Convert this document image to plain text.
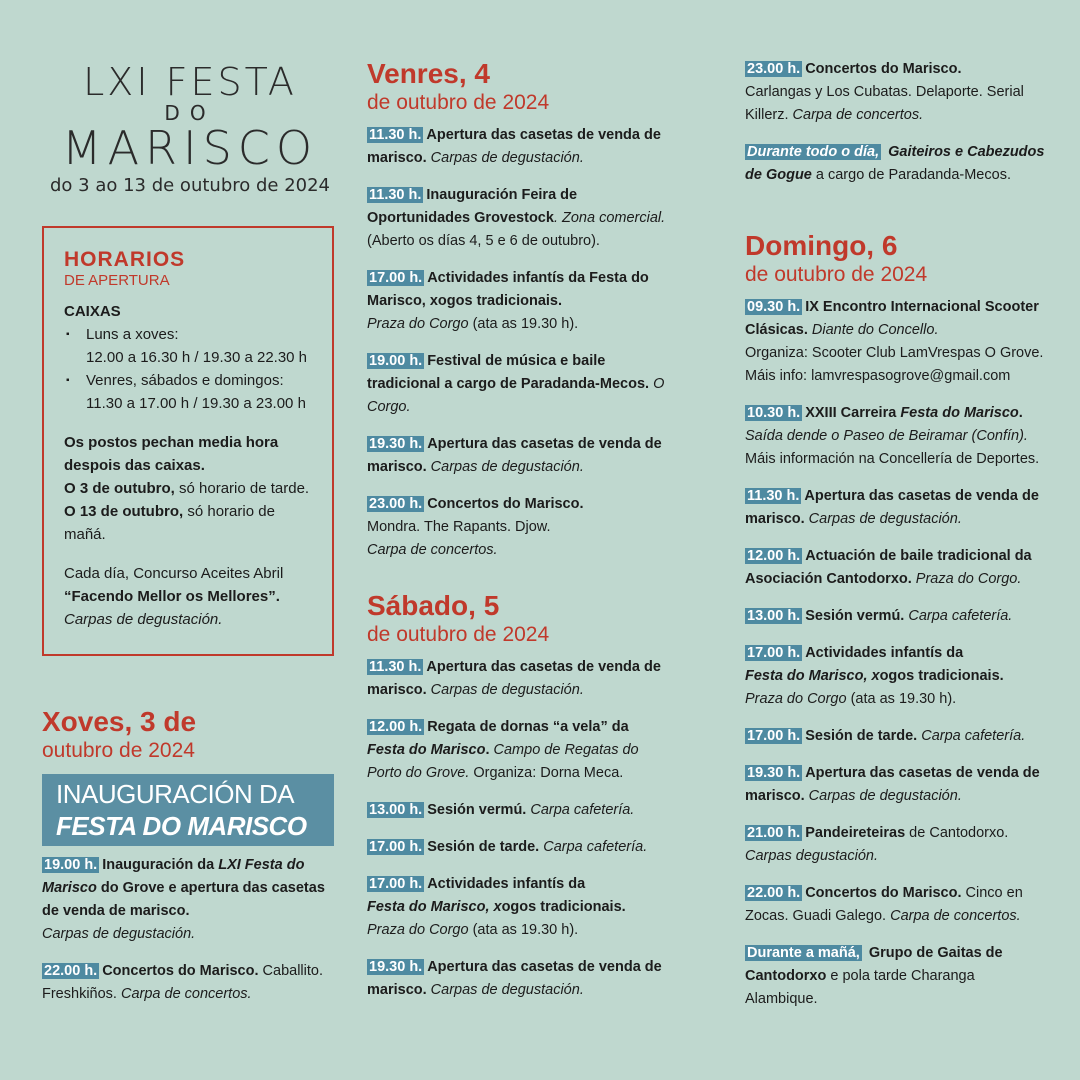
LXI FESTA
DO
MARISCO
do 3 ao 13 de outubro de 2024
HORARIOS
DE APERTURA
CAIXAS
▪ Luns a xoves:
12.00 a 16.30 h / 19.30 a 22.30 h
▪ Venres, sábados e domingos:
11.30 a 17.00 h / 19.30 a 23.00 h
Os postos pechan media hora
despois das caixas.
O 3 de outubro, só horario de tarde.
O 13 de outubro, só horario de mañá.
Cada día, Concurso Aceites Abril
“Facendo Mellor os Mellores”.
Carpas de degustación.
Xoves, 3 de
outubro de 2024
INAUGURACIÓN DA
FESTA DO MARISCO
19.00 h. Inauguración da LXI Festa do Marisco do Grove e apertura das casetas de venda de marisco.
Carpas de degustación.
22.00 h. Concertos do Marisco. Caballito. Freshkiños. Carpa de concertos.
Venres, 4
de outubro de 2024
11.30 h. Apertura das casetas de venda de marisco. Carpas de degustación.
11.30 h. Inauguración Feira de Oportunidades Grovestock. Zona comercial.
(Aberto os días 4, 5 e 6 de outubro).
17.00 h. Actividades infantís da Festa do Marisco, xogos tradicionais.
Praza do Corgo (ata as 19.30 h).
19.00 h. Festival de música e baile tradicional a cargo de Paradanda-Mecos. O Corgo.
19.30 h. Apertura das casetas de venda de marisco. Carpas de degustación.
23.00 h. Concertos do Marisco.
Mondra. The Rapants. Djow.
Carpa de concertos.
Sábado, 5
de outubro de 2024
11.30 h. Apertura das casetas de venda de marisco. Carpas de degustación.
12.00 h. Regata de dornas “a vela” da Festa do Marisco. Campo de Regatas do Porto do Grove. Organiza: Dorna Meca.
13.00 h. Sesión vermú. Carpa cafetería.
17.00 h. Sesión de tarde. Carpa cafetería.
17.00 h. Actividades infantís da
Festa do Marisco, xogos tradicionais.
Praza do Corgo (ata as 19.30 h).
19.30 h. Apertura das casetas de venda de marisco. Carpas de degustación.
23.00 h. Concertos do Marisco.
Carlangas y Los Cubatas. Delaporte. Serial Killerz. Carpa de concertos.
Durante todo o día, Gaiteiros e Cabezudos
de Gogue a cargo de Paradanda-Mecos.
Domingo, 6
de outubro de 2024
09.30 h. IX Encontro Internacional Scooter Clásicas. Diante do Concello.
Organiza: Scooter Club LamVrespas O Grove.
Máis info: lamvrespasogrove@gmail.com
10.30 h. XXIII Carreira Festa do Marisco.
Saída dende o Paseo de Beiramar (Confín).
Máis información na Concellería de Deportes.
11.30 h. Apertura das casetas de venda de marisco. Carpas de degustación.
12.00 h. Actuación de baile tradicional da Asociación Cantodorxo. Praza do Corgo.
13.00 h. Sesión vermú. Carpa cafetería.
17.00 h. Actividades infantís da
Festa do Marisco, xogos tradicionais.
Praza do Corgo (ata as 19.30 h).
17.00 h. Sesión de tarde. Carpa cafetería.
19.30 h. Apertura das casetas de venda de marisco. Carpas de degustación.
21.00 h. Pandeireteiras de Cantodorxo.
Carpas degustación.
22.00 h. Concertos do Marisco. Cinco en Zocas. Guadi Galego. Carpa de concertos.
Durante a mañá, Grupo de Gaitas de Cantodorxo e pola tarde Charanga Alambique.
